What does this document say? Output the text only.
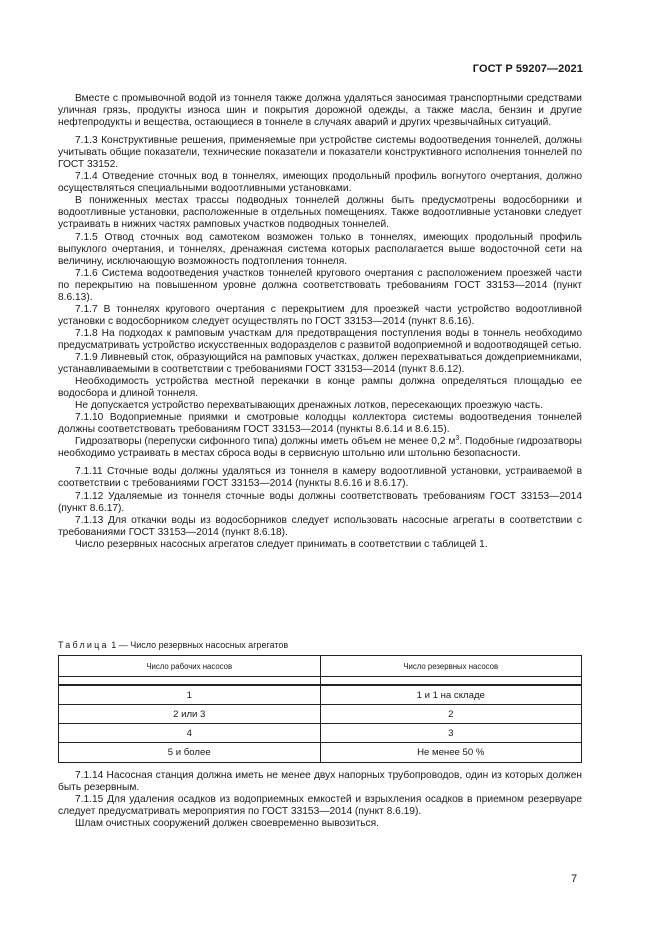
ГОСТ Р 59207—2021

Вместе с промывочной водой из тоннеля также должна удаляться заносимая транспортными средствами уличная грязь, продукты износа шин и покрытия дорожной одежды, а также масла, бензин и другие нефтепродукты и вещества, остающиеся в тоннеле в случаях аварий и других чрезвычайных ситуаций.

7.1.3 Конструктивные решения, применяемые при устройстве системы водоотведения тоннелей, должны учитывать общие показатели, технические показатели и показатели конструктивного исполнения тоннелей по ГОСТ 33152.

7.1.4 Отведение сточных вод в тоннелях, имеющих продольный профиль вогнутого очертания, должно осуществляться специальными водоотливными установками.

В пониженных местах трассы подводных тоннелей должны быть предусмотрены водосборники и водоотливные установки, расположенные в отдельных помещениях. Также водоотливные установки следует устраивать в нижних частях рамповых участков подводных тоннелей.

7.1.5 Отвод сточных вод самотеком возможен только в тоннелях, имеющих продольный профиль выпуклого очертания, и тоннелях, дренажная система которых располагается выше водосточной сети на величину, исключающую возможность подтопления тоннеля.

7.1.6 Система водоотведения участков тоннелей кругового очертания с расположением проезжей части по перекрытию на повышенном уровне должна соответствовать требованиям ГОСТ 33153—2014 (пункт 8.6.13).

7.1.7 В тоннелях кругового очертания с перекрытием для проезжей части устройство водоотливной установки с водосборником следует осуществлять по ГОСТ 33153—2014 (пункт 8.6.16).

7.1.8 На подходах к рамповым участкам для предотвращения поступления воды в тоннель необходимо предусматривать устройство искусственных водоразделов с развитой водоприемной и водоотводящей сетью.

7.1.9 Ливневый сток, образующийся на рамповых участках, должен перехватываться дождеприемниками, устанавливаемыми в соответствии с требованиями ГОСТ 33153—2014 (пункт 8.6.12).

Необходимость устройства местной перекачки в конце рампы должна определяться площадью ее водосбора и длиной тоннеля.

Не допускается устройство перехватывающих дренажных лотков, пересекающих проезжую часть.

7.1.10 Водоприемные приямки и смотровые колодцы коллектора системы водоотведения тоннелей должны соответствовать требованиям ГОСТ 33153—2014 (пункты 8.6.14 и 8.6.15).

Гидрозатворы (перепуски сифонного типа) должны иметь объем не менее 0,2 $м^3$. Подобные гидрозатворы необходимо устраивать в местах сброса воды в сервисную штольню или штольню безопасности.

7.1.11 Сточные воды должны удаляться из тоннеля в камеру водоотливной установки, устраиваемой в соответствии с требованиями ГОСТ 33153—2014 (пункты 8.6.16 и 8.6.17).

7.1.12 Удаляемые из тоннеля сточные воды должны соответствовать требованиям ГОСТ 33153—2014 (пункт 8.6.17).

7.1.13 Для откачки воды из водосборников следует использовать насосные агрегаты в соответствии с требованиями ГОСТ 33153—2014 (пункт 8.6.18).

Число резервных насосных агрегатов следует принимать в соответствии с таблицей 1.

Таблица 1 — Число резервных насосных агрегатов
Число рабочих насосов	Число резервных насосов

1	1 и 1 на складе
2 или 3	2
4	3
5 и более	Не менее 50 %

7.1.14 Насосная станция должна иметь не менее двух напорных трубопроводов, один из которых должен быть резервным.

7.1.15 Для удаления осадков из водоприемных емкостей и взрыхления осадков в приемном резервуаре следует предусматривать мероприятия по ГОСТ 33153—2014 (пункт 8.6.19).

Шлам очистных сооружений должен своевременно вывозиться.

7
